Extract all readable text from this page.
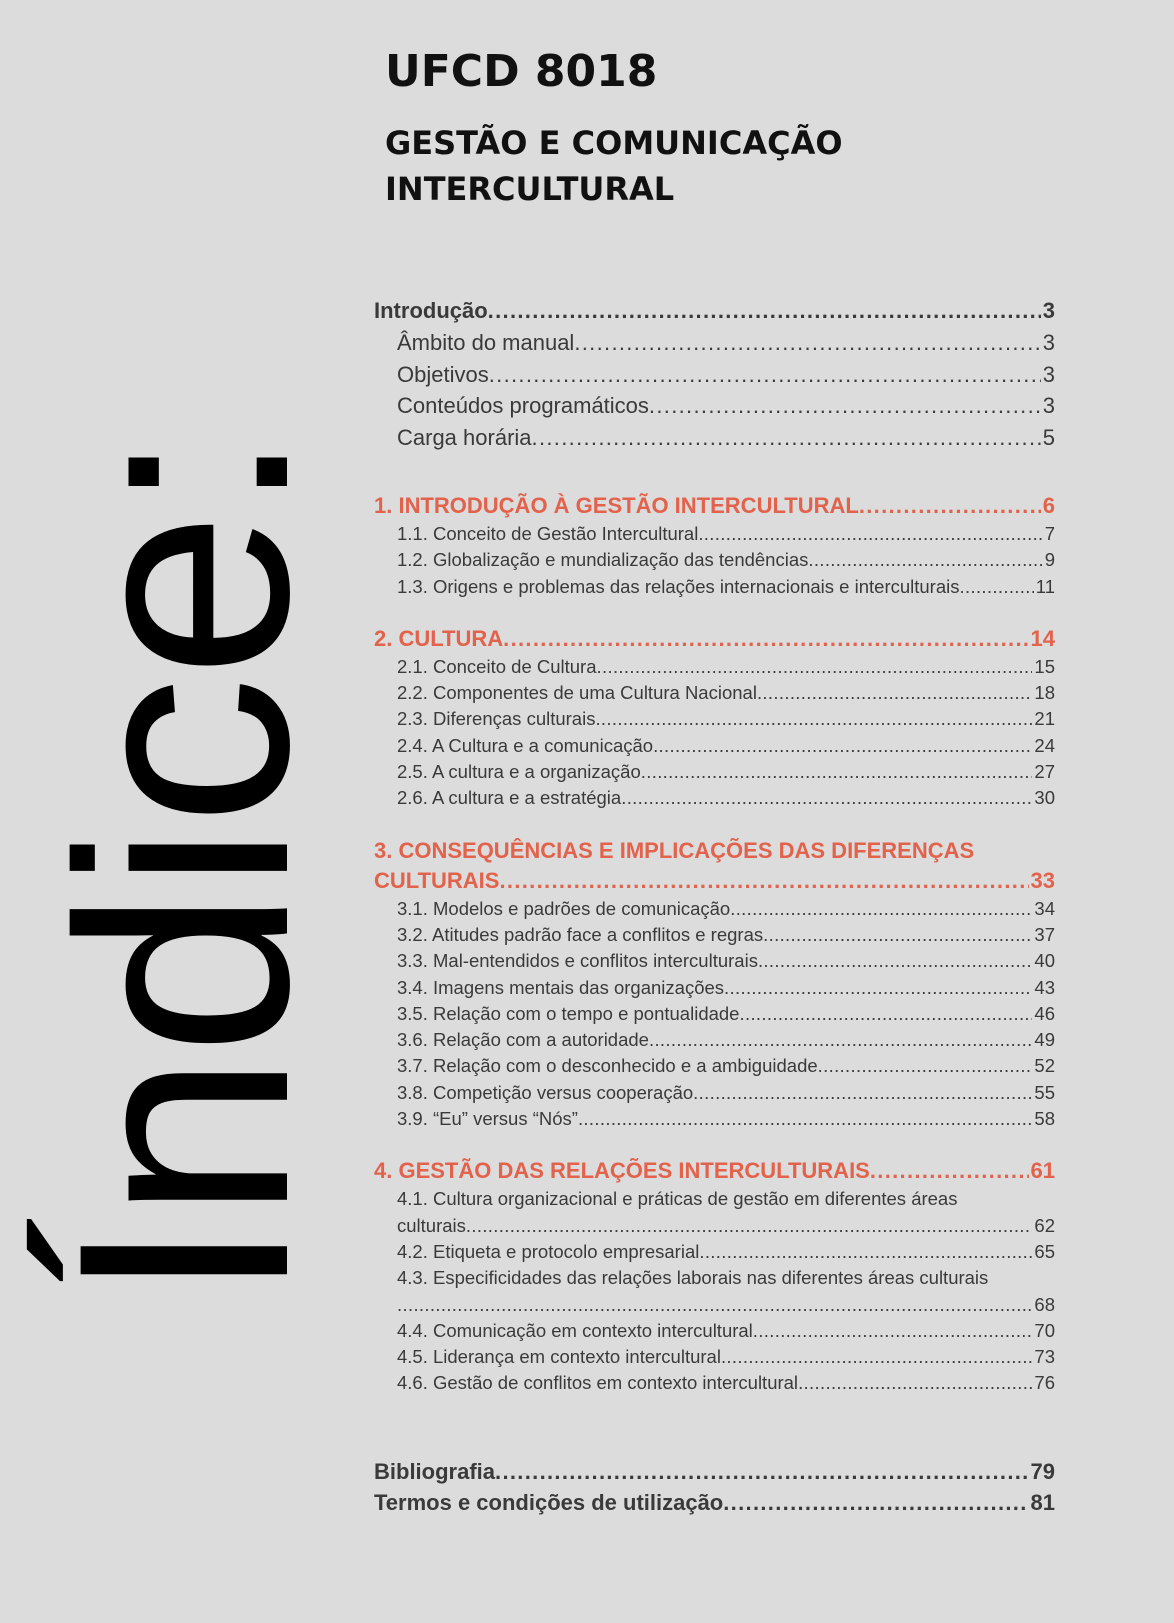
Índice:
UFCD 8018
GESTÃO E COMUNICAÇÃO
INTERCULTURAL
Introdução . . .	3
Âmbito do manual . . .	3
Objetivos . . .	3
Conteúdos programáticos . . .	3
Carga horária . . .	5
1. INTRODUÇÃO À GESTÃO INTERCULTURAL . . .	6
1.1. Conceito de Gestão Intercultural . . .	7
1.2. Globalização e mundialização das tendências . . .	9
1.3. Origens e problemas das relações internacionais e interculturais . . .	11
2. CULTURA . . .	14
2.1. Conceito de Cultura . . .	15
2.2. Componentes de uma Cultura Nacional . . .	18
2.3. Diferenças culturais . . .	21
2.4. A Cultura e a comunicação . . .	24
2.5. A cultura e a organização . . .	27
2.6. A cultura e a estratégia . . .	30
3. CONSEQUÊNCIAS E IMPLICAÇÕES DAS DIFERENÇAS
CULTURAIS . . .	33
3.1. Modelos e padrões de comunicação . . .	34
3.2. Atitudes padrão face a conflitos e regras . . .	37
3.3. Mal-entendidos e conflitos interculturais . . .	40
3.4. Imagens mentais das organizações . . .	43
3.5. Relação com o tempo e pontualidade . . .	46
3.6. Relação com a autoridade . . .	49
3.7. Relação com o desconhecido e a ambiguidade . . .	52
3.8. Competição versus cooperação . . .	55
3.9. “Eu” versus “Nós” . . .	58
4. GESTÃO DAS RELAÇÕES INTERCULTURAIS . . .	61
4.1. Cultura organizacional e práticas de gestão em diferentes áreas
culturais . . .	62
4.2. Etiqueta e protocolo empresarial . . .	65
4.3. Especificidades das relações laborais nas diferentes áreas culturais
. . .
68
4.4. Comunicação em contexto intercultural . . .	70
4.5. Liderança em contexto intercultural . . .	73
4.6. Gestão de conflitos em contexto intercultural . . .	76
Bibliografia . . .	79
Termos e condições de utilização . . .	81
